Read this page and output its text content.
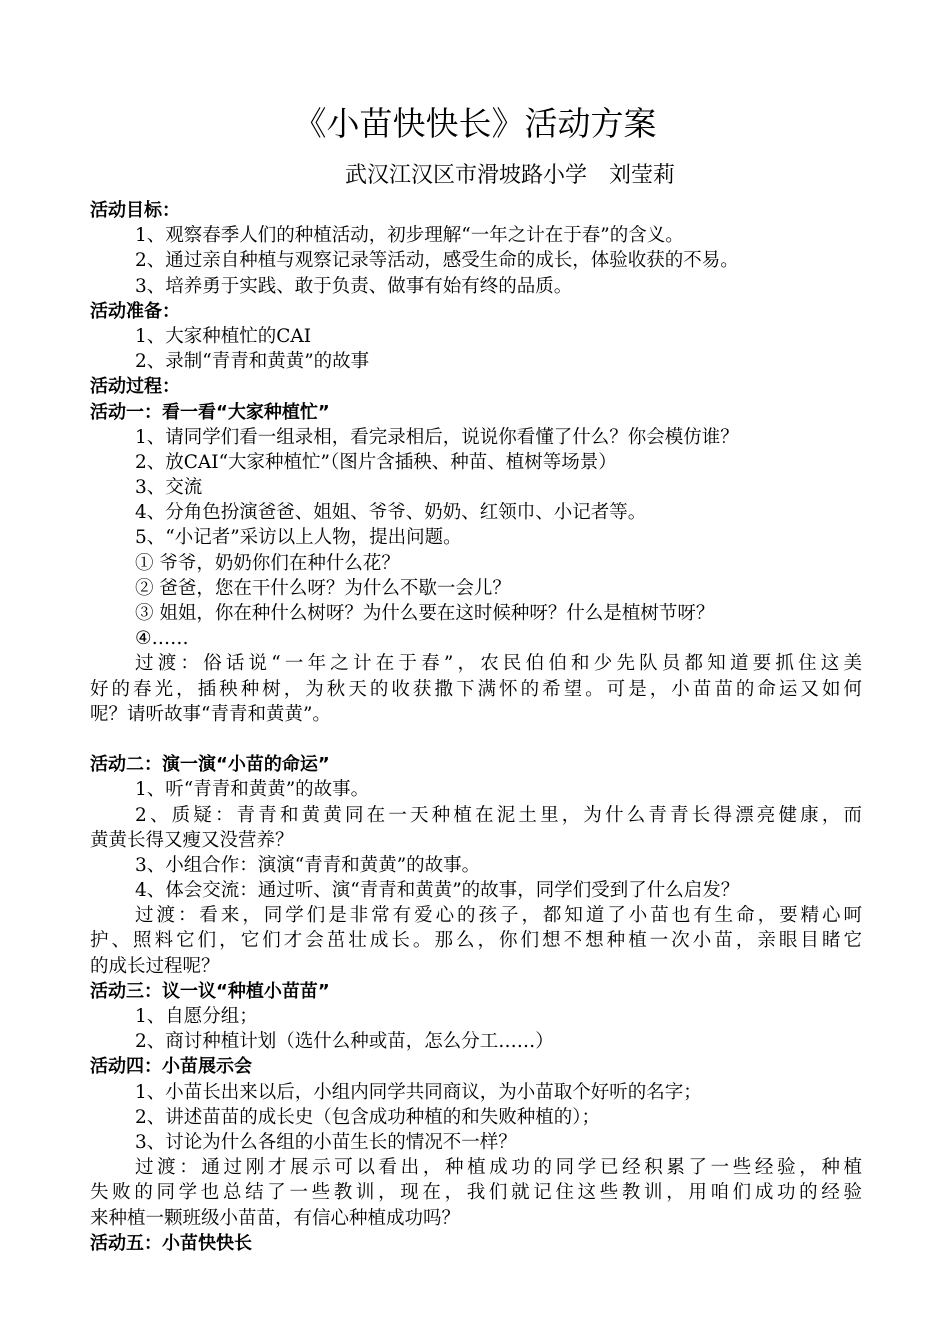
《小苗快快长》活动方案
武汉江汉区市滑坡路小学　刘莹莉
活动目标：
1、观察春季人们的种植活动，初步理解“一年之计在于春”的含义。
2、通过亲自种植与观察记录等活动，感受生命的成长，体验收获的不易。
3、培养勇于实践、敢于负责、做事有始有终的品质。
活动准备：
1、大家种植忙的CAI
2、录制“青青和黄黄”的故事
活动过程：
活动一：看一看“大家种植忙”
1、请同学们看一组录相，看完录相后，说说你看懂了什么？你会模仿谁？
2、放CAI“大家种植忙”（图片含插秧、种苗、植树等场景）
3、交流
4、分角色扮演爸爸、姐姐、爷爷、奶奶、红领巾、小记者等。
5、“小记者”采访以上人物，提出问题。
① 爷爷，奶奶你们在种什么花？
② 爸爸，您在干什么呀？为什么不歇一会儿？
③ 姐姐，你在种什么树呀？为什么要在这时候种呀？什么是植树节呀？
④……
过渡：俗话说“一年之计在于春”，农民伯伯和少先队员都知道要抓住这美
好的春光，插秧种树，为秋天的收获撒下满怀的希望。可是，小苗苗的命运又如何
呢？请听故事“青青和黄黄”。
活动二：演一演“小苗的命运”
1、听“青青和黄黄”的故事。
2、质疑：青青和黄黄同在一天种植在泥土里，为什么青青长得漂亮健康，而
黄黄长得又瘦又没营养？
3、小组合作：演演“青青和黄黄”的故事。
4、体会交流：通过听、演“青青和黄黄”的故事，同学们受到了什么启发？
过渡：看来，同学们是非常有爱心的孩子，都知道了小苗也有生命，要精心呵
护、照料它们，它们才会茁壮成长。那么，你们想不想种植一次小苗，亲眼目睹它
的成长过程呢？
活动三：议一议“种植小苗苗”
1、自愿分组；
2、商讨种植计划（选什么种或苗，怎么分工……）
活动四：小苗展示会
1、小苗长出来以后，小组内同学共同商议，为小苗取个好听的名字；
2、讲述苗苗的成长史（包含成功种植的和失败种植的）；
3、讨论为什么各组的小苗生长的情况不一样？
过渡：通过刚才展示可以看出，种植成功的同学已经积累了一些经验，种植
失败的同学也总结了一些教训，现在，我们就记住这些教训，用咱们成功的经验
来种植一颗班级小苗苗，有信心种植成功吗？
活动五：小苗快快长
